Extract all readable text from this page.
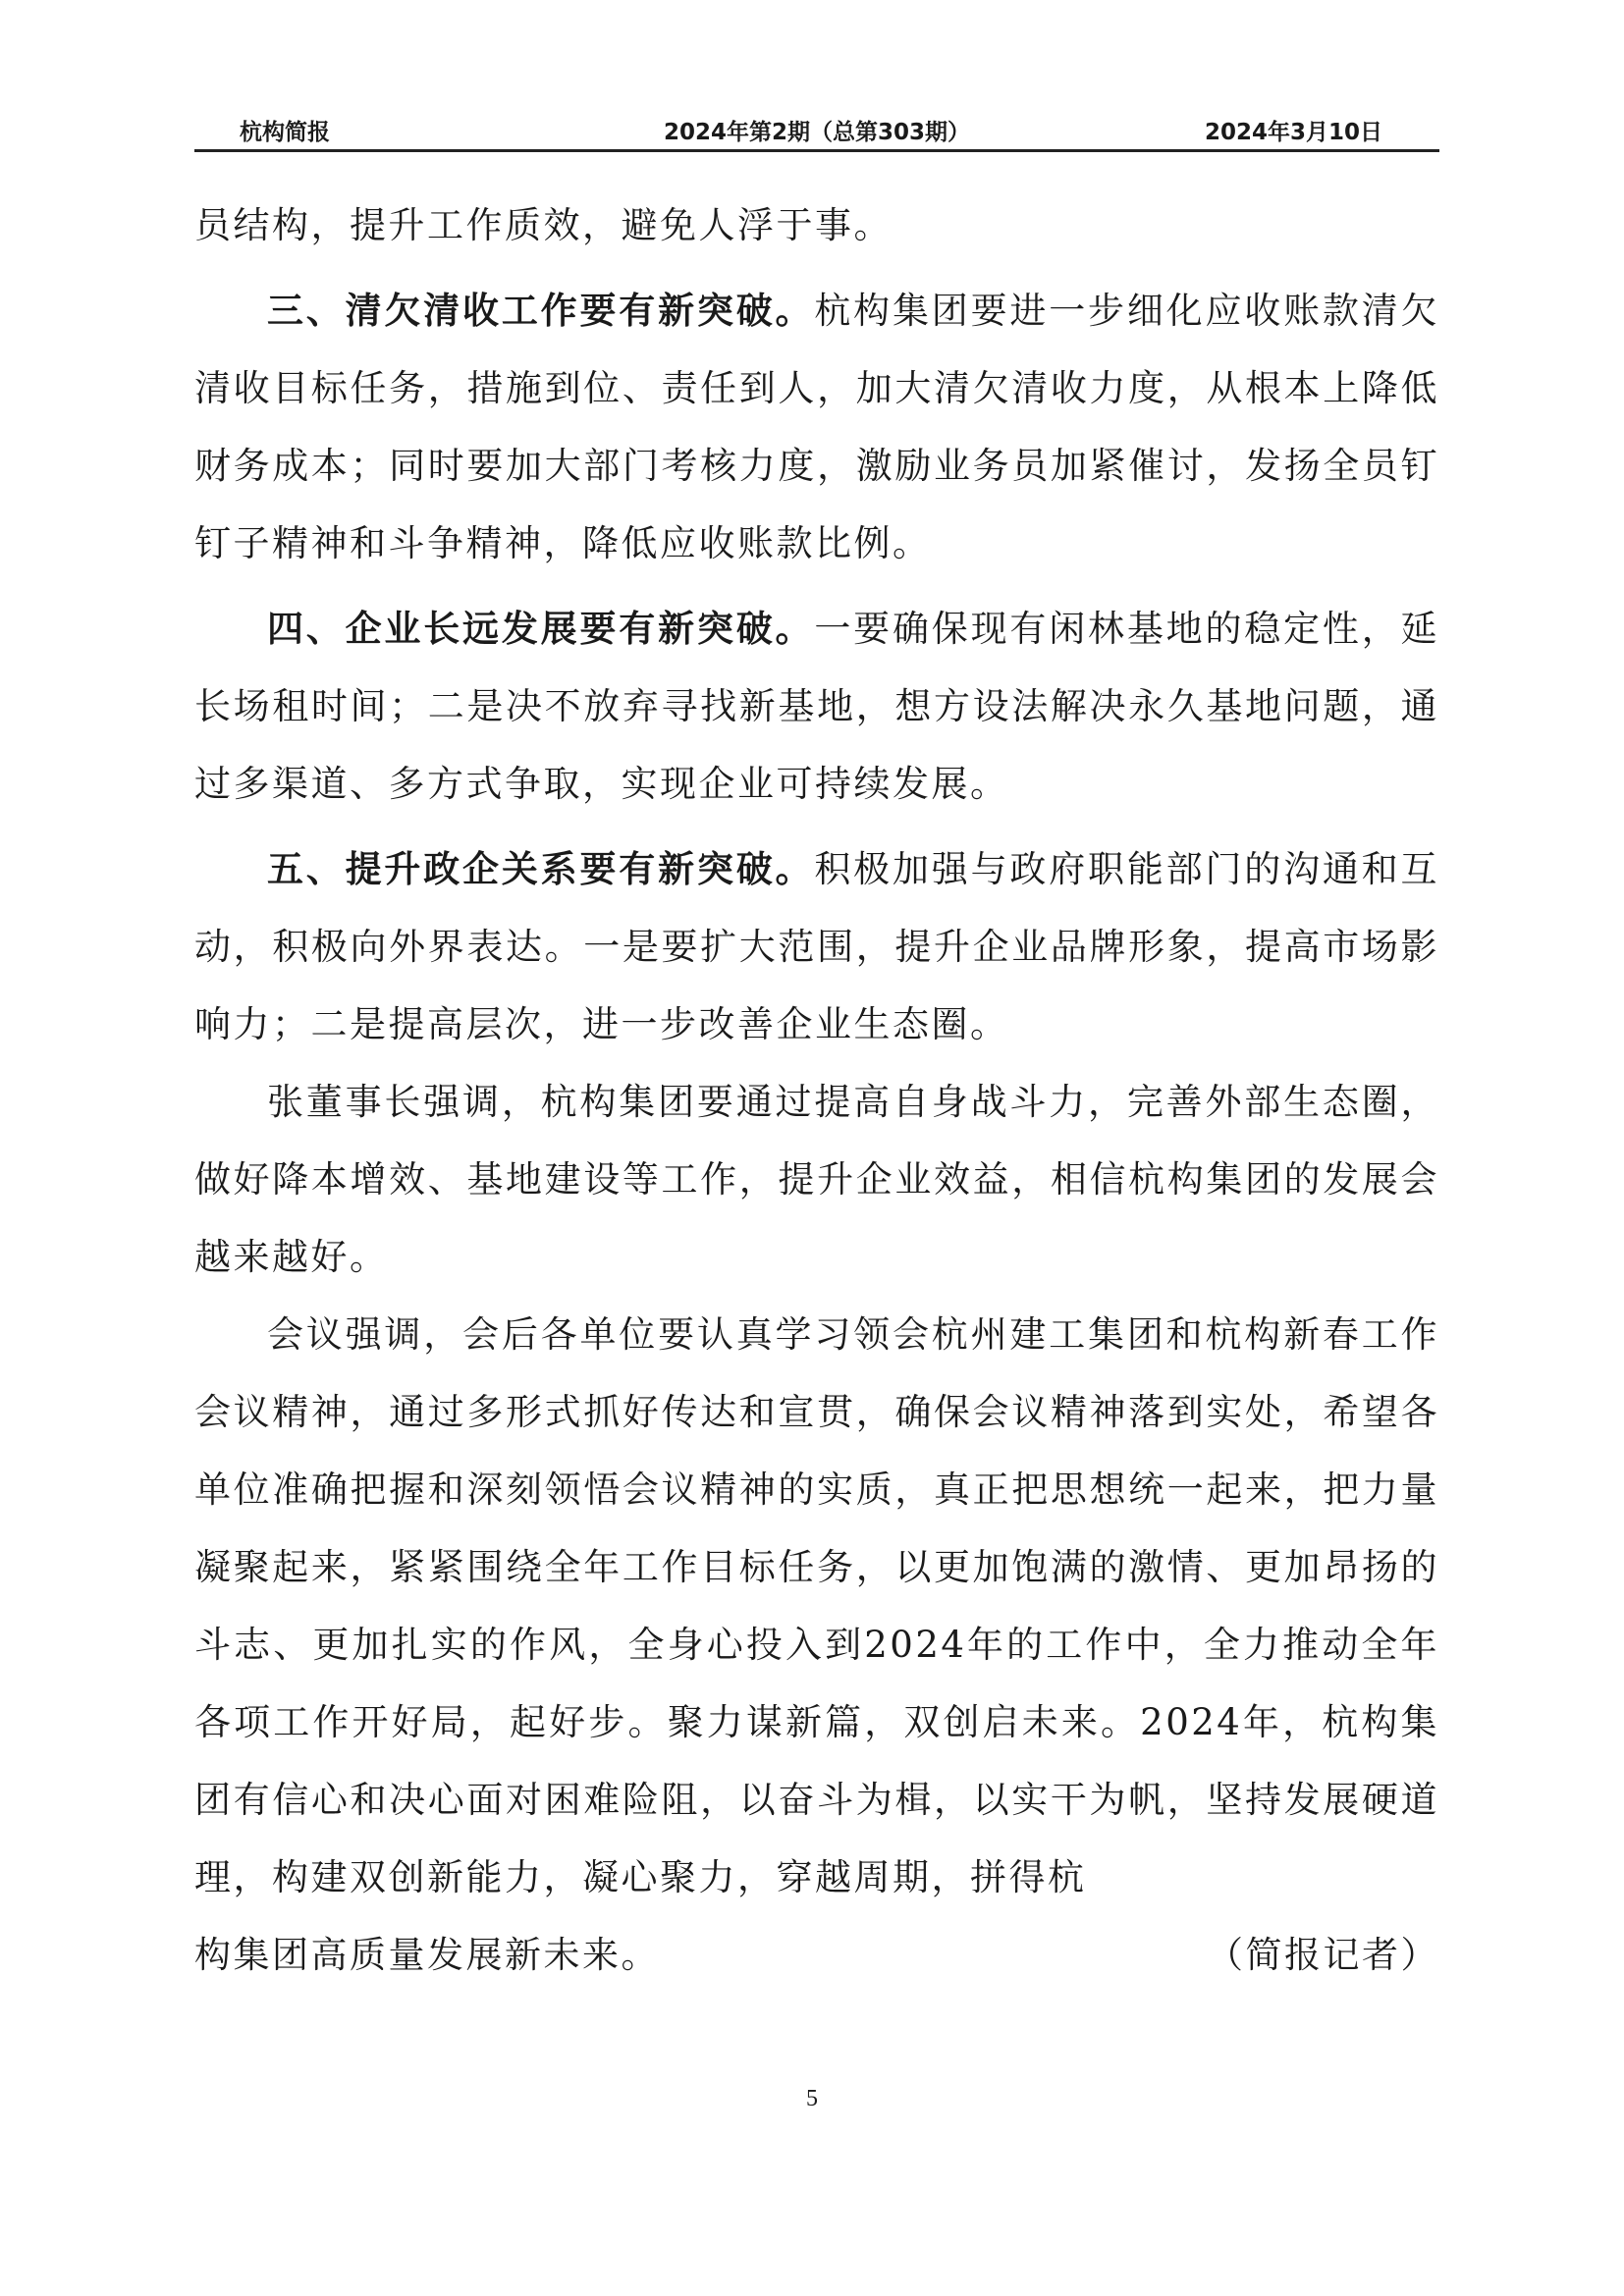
2024年第2期（总第303期）
杭构简报	2024年3月10日

员结构，提升工作质效，避免人浮于事。

三、清欠清收工作要有新突破。杭构集团要进一步细化应收账款清欠清收目标任务，措施到位、责任到人，加大清欠清收力度，从根本上降低财务成本；同时要加大部门考核力度，激励业务员加紧催讨，发扬全员钉钉子精神和斗争精神，降低应收账款比例。

四、企业长远发展要有新突破。一要确保现有闲林基地的稳定性，延长场租时间；二是决不放弃寻找新基地，想方设法解决永久基地问题，通过多渠道、多方式争取，实现企业可持续发展。

五、提升政企关系要有新突破。积极加强与政府职能部门的沟通和互动，积极向外界表达。一是要扩大范围，提升企业品牌形象，提高市场影响力；二是提高层次，进一步改善企业生态圈。

张董事长强调，杭构集团要通过提高自身战斗力，完善外部生态圈，做好降本增效、基地建设等工作，提升企业效益，相信杭构集团的发展会越来越好。

会议强调，会后各单位要认真学习领会杭州建工集团和杭构新春工作会议精神，通过多形式抓好传达和宣贯，确保会议精神落到实处，希望各单位准确把握和深刻领悟会议精神的实质，真正把思想统一起来，把力量凝聚起来，紧紧围绕全年工作目标任务，以更加饱满的激情、更加昂扬的斗志、更加扎实的作风，全身心投入到2024年的工作中，全力推动全年各项工作开好局，起好步。聚力谋新篇，双创启未来。2024年，杭构集团有信心和决心面对困难险阻，以奋斗为楫，以实干为帆，坚持发展硬道理，构建双创新能力，凝心聚力，穿越周期，拼得杭

构集团高质量发展新未来。	（简报记者）

5
